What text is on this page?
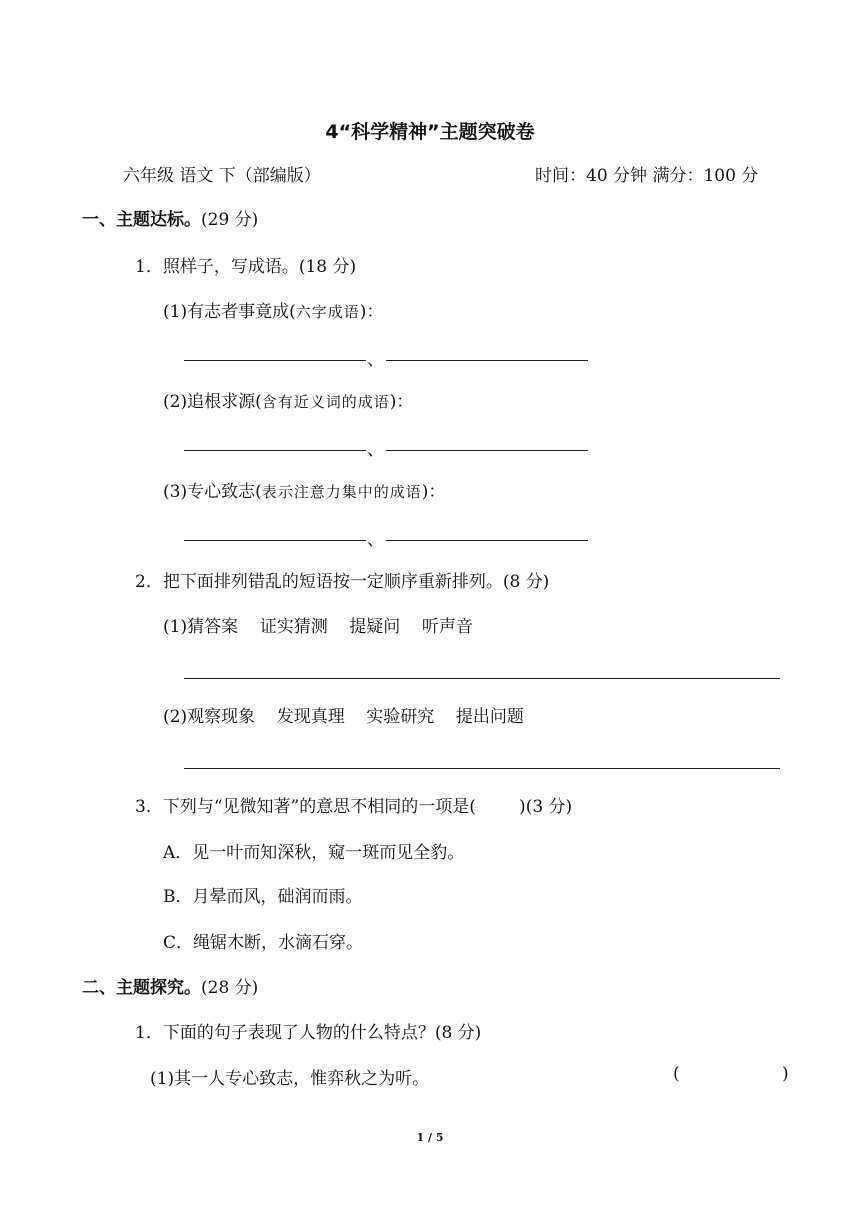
4“科学精神”主题突破卷
六年级 语文 下（部编版）	时间：40 分钟 满分：100 分
一、主题达标。(29 分)
1．照样子，写成语。(18 分)
(1)有志者事竟成(六字成语)：
、
(2)追根求源(含有近义词的成语)：
、
(3)专心致志(表示注意力集中的成语)：
、
2．把下面排列错乱的短语按一定顺序重新排列。(8 分)
(1)猜答案    证实猜测    提疑问    听声音
(2)观察现象    发现真理    实验研究    提出问题
3．下列与“见微知著”的意思不相同的一项是(        )(3 分)
A．见一叶而知深秋，窥一斑而见全豹。
B．月晕而风，础润而雨。
C．绳锯木断，水滴石穿。
二、主题探究。(28 分)
1．下面的句子表现了人物的什么特点？(8 分)
(1)其一人专心致志，惟弈秋之为听。	(	)
1 / 5
